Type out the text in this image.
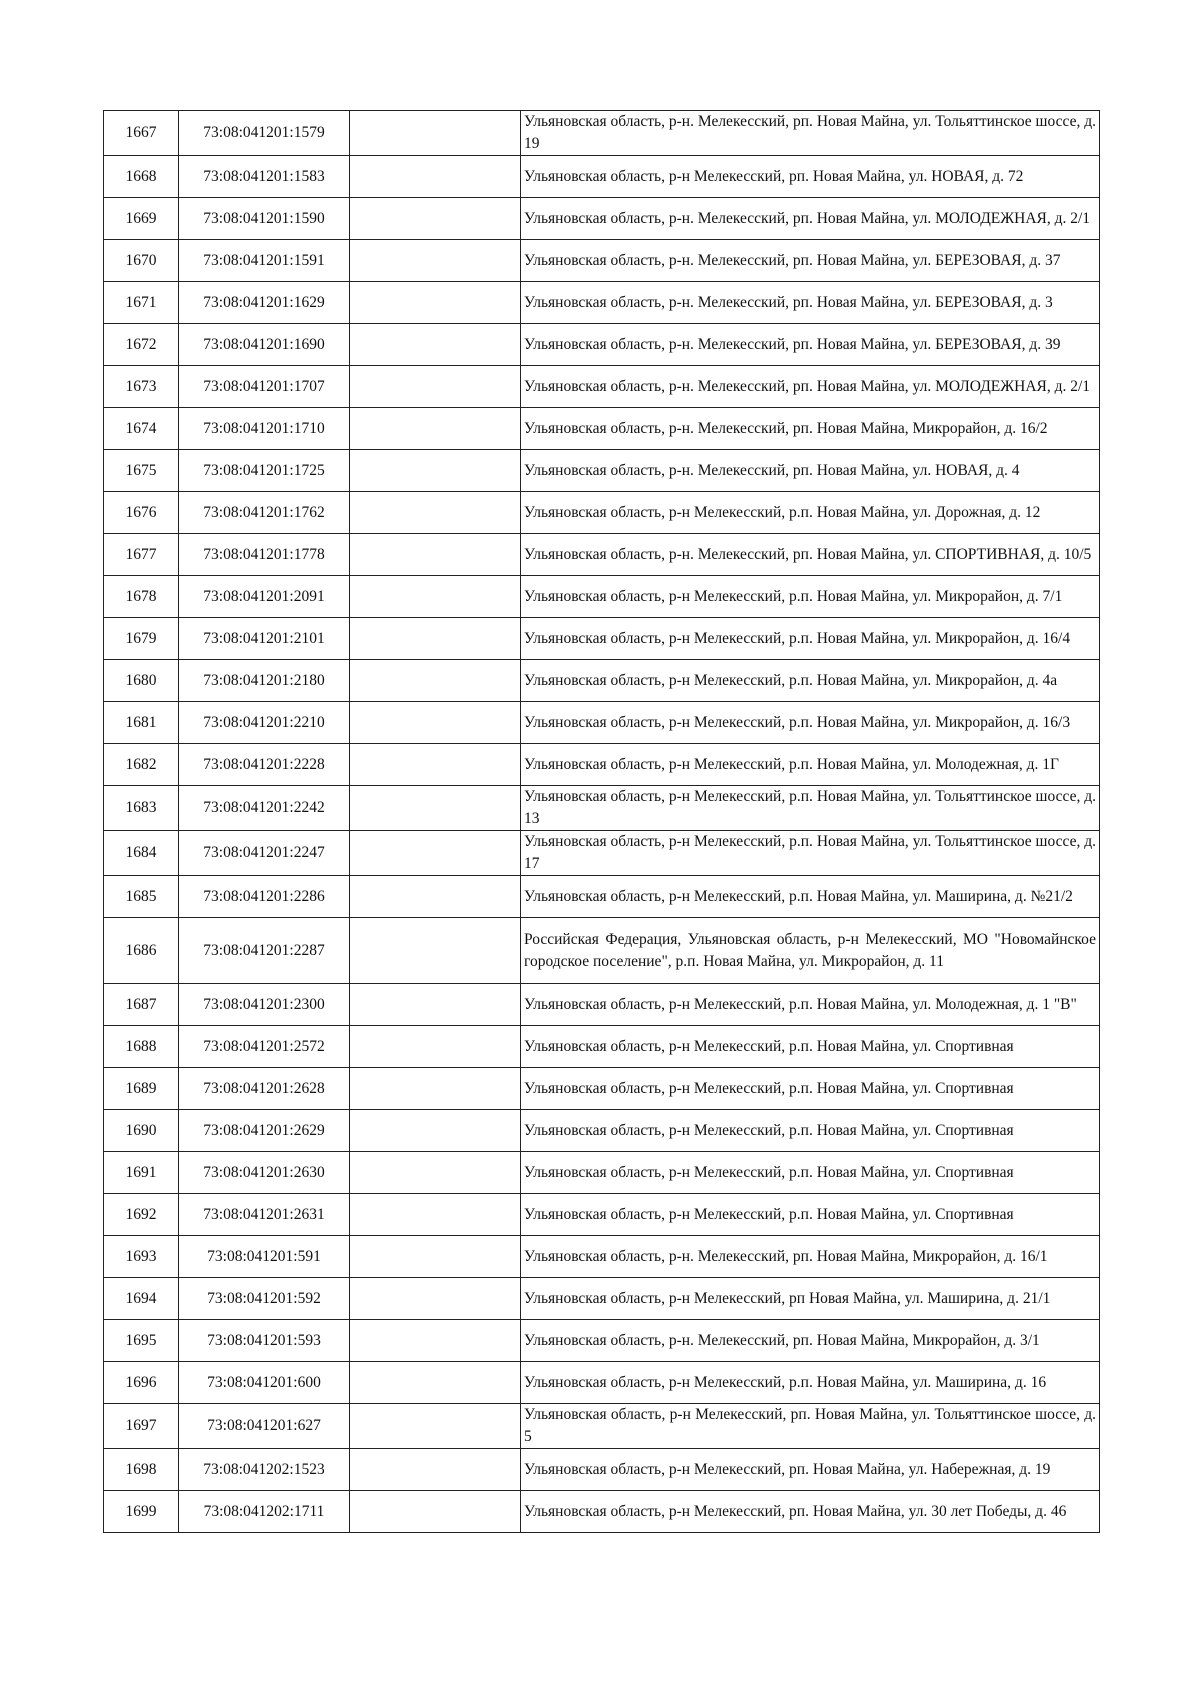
1667	73:08:041201:1579		Ульяновская область, р-н. Мелекесский, рп. Новая Майна, ул. Тольяттинское шоссе, д. 19
1668	73:08:041201:1583		Ульяновская область, р-н Мелекесский, рп. Новая Майна, ул. НОВАЯ, д. 72
1669	73:08:041201:1590		Ульяновская область, р-н. Мелекесский, рп. Новая Майна, ул. МОЛОДЕЖНАЯ, д. 2/1
1670	73:08:041201:1591		Ульяновская область, р-н. Мелекесский, рп. Новая Майна, ул. БЕРЕЗОВАЯ, д. 37
1671	73:08:041201:1629		Ульяновская область, р-н. Мелекесский, рп. Новая Майна, ул. БЕРЕЗОВАЯ, д. 3
1672	73:08:041201:1690		Ульяновская область, р-н. Мелекесский, рп. Новая Майна, ул. БЕРЕЗОВАЯ, д. 39
1673	73:08:041201:1707		Ульяновская область, р-н. Мелекесский, рп. Новая Майна, ул. МОЛОДЕЖНАЯ, д. 2/1
1674	73:08:041201:1710		Ульяновская область, р-н. Мелекесский, рп. Новая Майна, Микрорайон, д. 16/2
1675	73:08:041201:1725		Ульяновская область, р-н. Мелекесский, рп. Новая Майна, ул. НОВАЯ, д. 4
1676	73:08:041201:1762		Ульяновская область, р-н Мелекесский, р.п. Новая Майна, ул. Дорожная, д. 12
1677	73:08:041201:1778		Ульяновская область, р-н. Мелекесский, рп. Новая Майна, ул. СПОРТИВНАЯ, д. 10/5
1678	73:08:041201:2091		Ульяновская область, р-н Мелекесский, р.п. Новая Майна, ул. Микрорайон, д. 7/1
1679	73:08:041201:2101		Ульяновская область, р-н Мелекесский, р.п. Новая Майна, ул. Микрорайон, д. 16/4
1680	73:08:041201:2180		Ульяновская область, р-н Мелекесский, р.п. Новая Майна, ул. Микрорайон, д. 4а
1681	73:08:041201:2210		Ульяновская область, р-н Мелекесский, р.п. Новая Майна, ул. Микрорайон, д. 16/3
1682	73:08:041201:2228		Ульяновская область, р-н Мелекесский, р.п. Новая Майна, ул. Молодежная, д. 1Г
1683	73:08:041201:2242		Ульяновская область, р-н Мелекесский, р.п. Новая Майна, ул. Тольяттинское шоссе, д. 13
1684	73:08:041201:2247		Ульяновская область, р-н Мелекесский, р.п. Новая Майна, ул. Тольяттинское шоссе, д. 17
1685	73:08:041201:2286		Ульяновская область, р-н Мелекесский, р.п. Новая Майна, ул. Маширина, д. №21/2
1686	73:08:041201:2287		Российская Федерация, Ульяновская область, р-н Мелекесский, МО "Новомайнское городское поселение", р.п. Новая Майна, ул. Микрорайон, д. 11
1687	73:08:041201:2300		Ульяновская область, р-н Мелекесский, р.п. Новая Майна, ул. Молодежная, д. 1 "В"
1688	73:08:041201:2572		Ульяновская область, р-н Мелекесский, р.п. Новая Майна, ул. Спортивная
1689	73:08:041201:2628		Ульяновская область, р-н Мелекесский, р.п. Новая Майна, ул. Спортивная
1690	73:08:041201:2629		Ульяновская область, р-н Мелекесский, р.п. Новая Майна, ул. Спортивная
1691	73:08:041201:2630		Ульяновская область, р-н Мелекесский, р.п. Новая Майна, ул. Спортивная
1692	73:08:041201:2631		Ульяновская область, р-н Мелекесский, р.п. Новая Майна, ул. Спортивная
1693	73:08:041201:591		Ульяновская область, р-н. Мелекесский, рп. Новая Майна, Микрорайон, д. 16/1
1694	73:08:041201:592		Ульяновская область, р-н Мелекесский, рп Новая Майна, ул. Маширина, д. 21/1
1695	73:08:041201:593		Ульяновская область, р-н. Мелекесский, рп. Новая Майна, Микрорайон, д. 3/1
1696	73:08:041201:600		Ульяновская область, р-н Мелекесский, р.п. Новая Майна, ул. Маширина, д. 16
1697	73:08:041201:627		Ульяновская область, р-н Мелекесский, рп. Новая Майна, ул. Тольяттинское шоссе, д. 5
1698	73:08:041202:1523		Ульяновская область, р-н Мелекесский, рп. Новая Майна, ул. Набережная, д. 19
1699	73:08:041202:1711		Ульяновская область, р-н Мелекесский, рп. Новая Майна, ул. 30 лет Победы, д. 46
